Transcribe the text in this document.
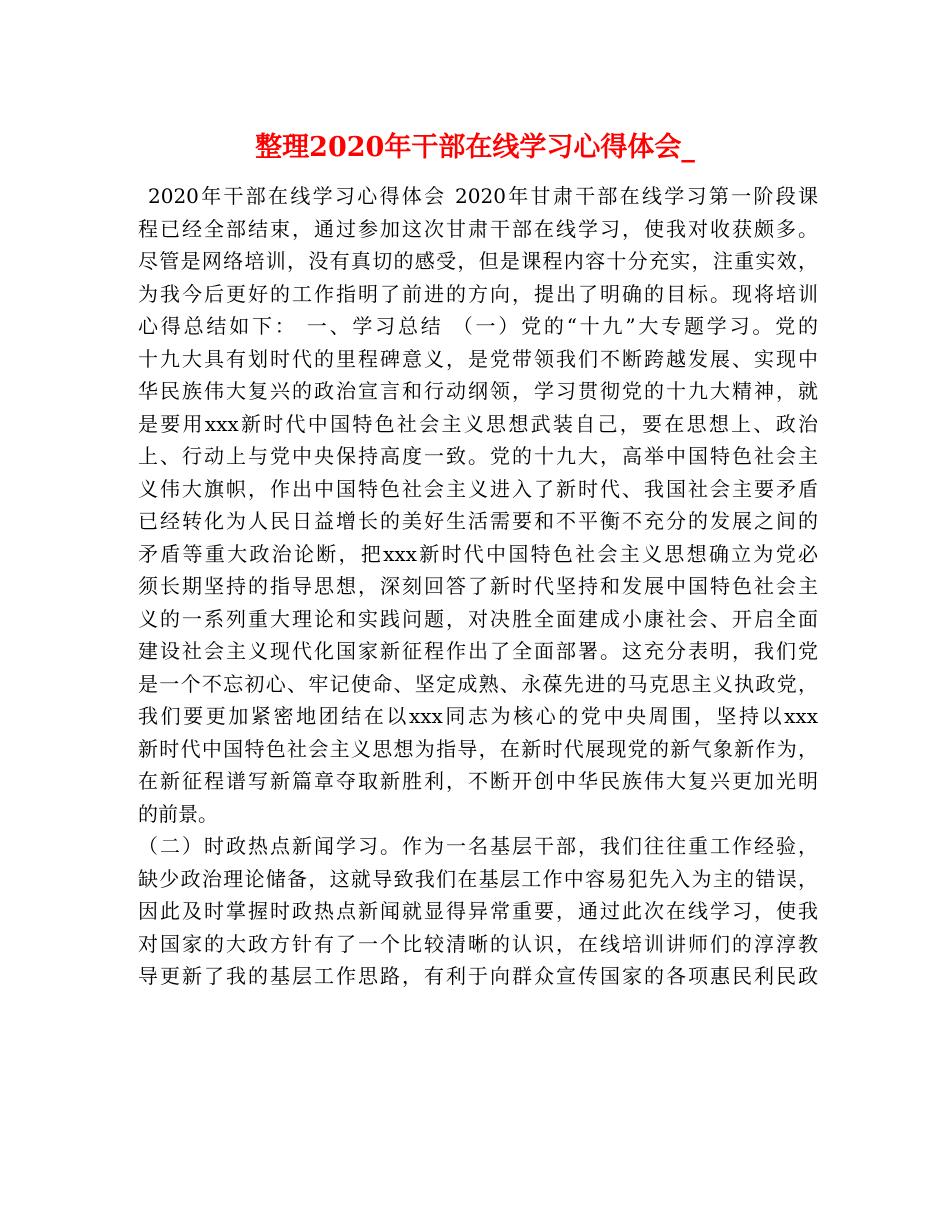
整理2020年干部在线学习心得体会_
2020年干部在线学习心得体会 2020年甘肃干部在线学习第一阶段课
程已经全部结束，通过参加这次甘肃干部在线学习，使我对收获颇多。
尽管是网络培训，没有真切的感受，但是课程内容十分充实，注重实效，
为我今后更好的工作指明了前进的方向，提出了明确的目标。现将培训
心得总结如下： 一、学习总结 （一）党的“十九”大专题学习。党的
十九大具有划时代的里程碑意义，是党带领我们不断跨越发展、实现中
华民族伟大复兴的政治宣言和行动纲领，学习贯彻党的十九大精神，就
是要用xxx新时代中国特色社会主义思想武装自己，要在思想上、政治
上、行动上与党中央保持高度一致。党的十九大，高举中国特色社会主
义伟大旗帜，作出中国特色社会主义进入了新时代、我国社会主要矛盾
已经转化为人民日益增长的美好生活需要和不平衡不充分的发展之间的
矛盾等重大政治论断，把xxx新时代中国特色社会主义思想确立为党必
须长期坚持的指导思想，深刻回答了新时代坚持和发展中国特色社会主
义的一系列重大理论和实践问题，对决胜全面建成小康社会、开启全面
建设社会主义现代化国家新征程作出了全面部署。这充分表明，我们党
是一个不忘初心、牢记使命、坚定成熟、永葆先进的马克思主义执政党，
我们要更加紧密地团结在以xxx同志为核心的党中央周围，坚持以xxx
新时代中国特色社会主义思想为指导，在新时代展现党的新气象新作为，
在新征程谱写新篇章夺取新胜利，不断开创中华民族伟大复兴更加光明
的前景。
（二）时政热点新闻学习。作为一名基层干部，我们往往重工作经验，
缺少政治理论储备，这就导致我们在基层工作中容易犯先入为主的错误，
因此及时掌握时政热点新闻就显得异常重要，通过此次在线学习，使我
对国家的大政方针有了一个比较清晰的认识，在线培训讲师们的淳淳教
导更新了我的基层工作思路，有利于向群众宣传国家的各项惠民利民政
